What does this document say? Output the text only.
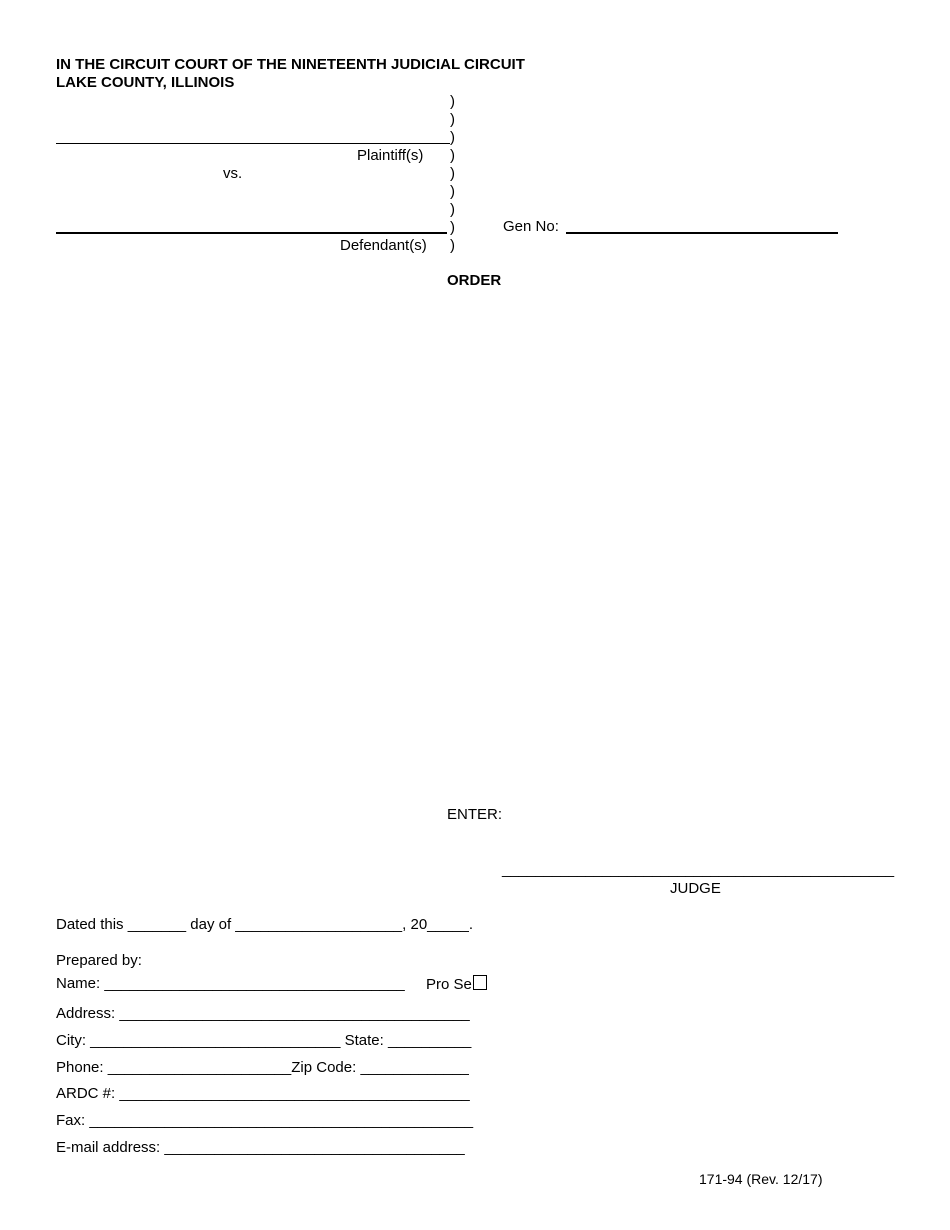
IN THE CIRCUIT COURT OF THE NINETEENTH JUDICIAL CIRCUIT
LAKE COUNTY, ILLINOIS
)
)
)
)
)
)
)
)
)
Plaintiff(s)
vs.
Defendant(s)
Gen No:
ORDER
ENTER:
_______________________________________________
JUDGE
Dated this _______ day of ____________________, 20_____.
Prepared by:
Name: ____________________________________ Pro Se
Address: __________________________________________
City: ______________________________ State: __________
Phone: ______________________Zip Code: _____________
ARDC #: __________________________________________
Fax: ______________________________________________
E-mail address: ____________________________________
171-94 (Rev. 12/17)
